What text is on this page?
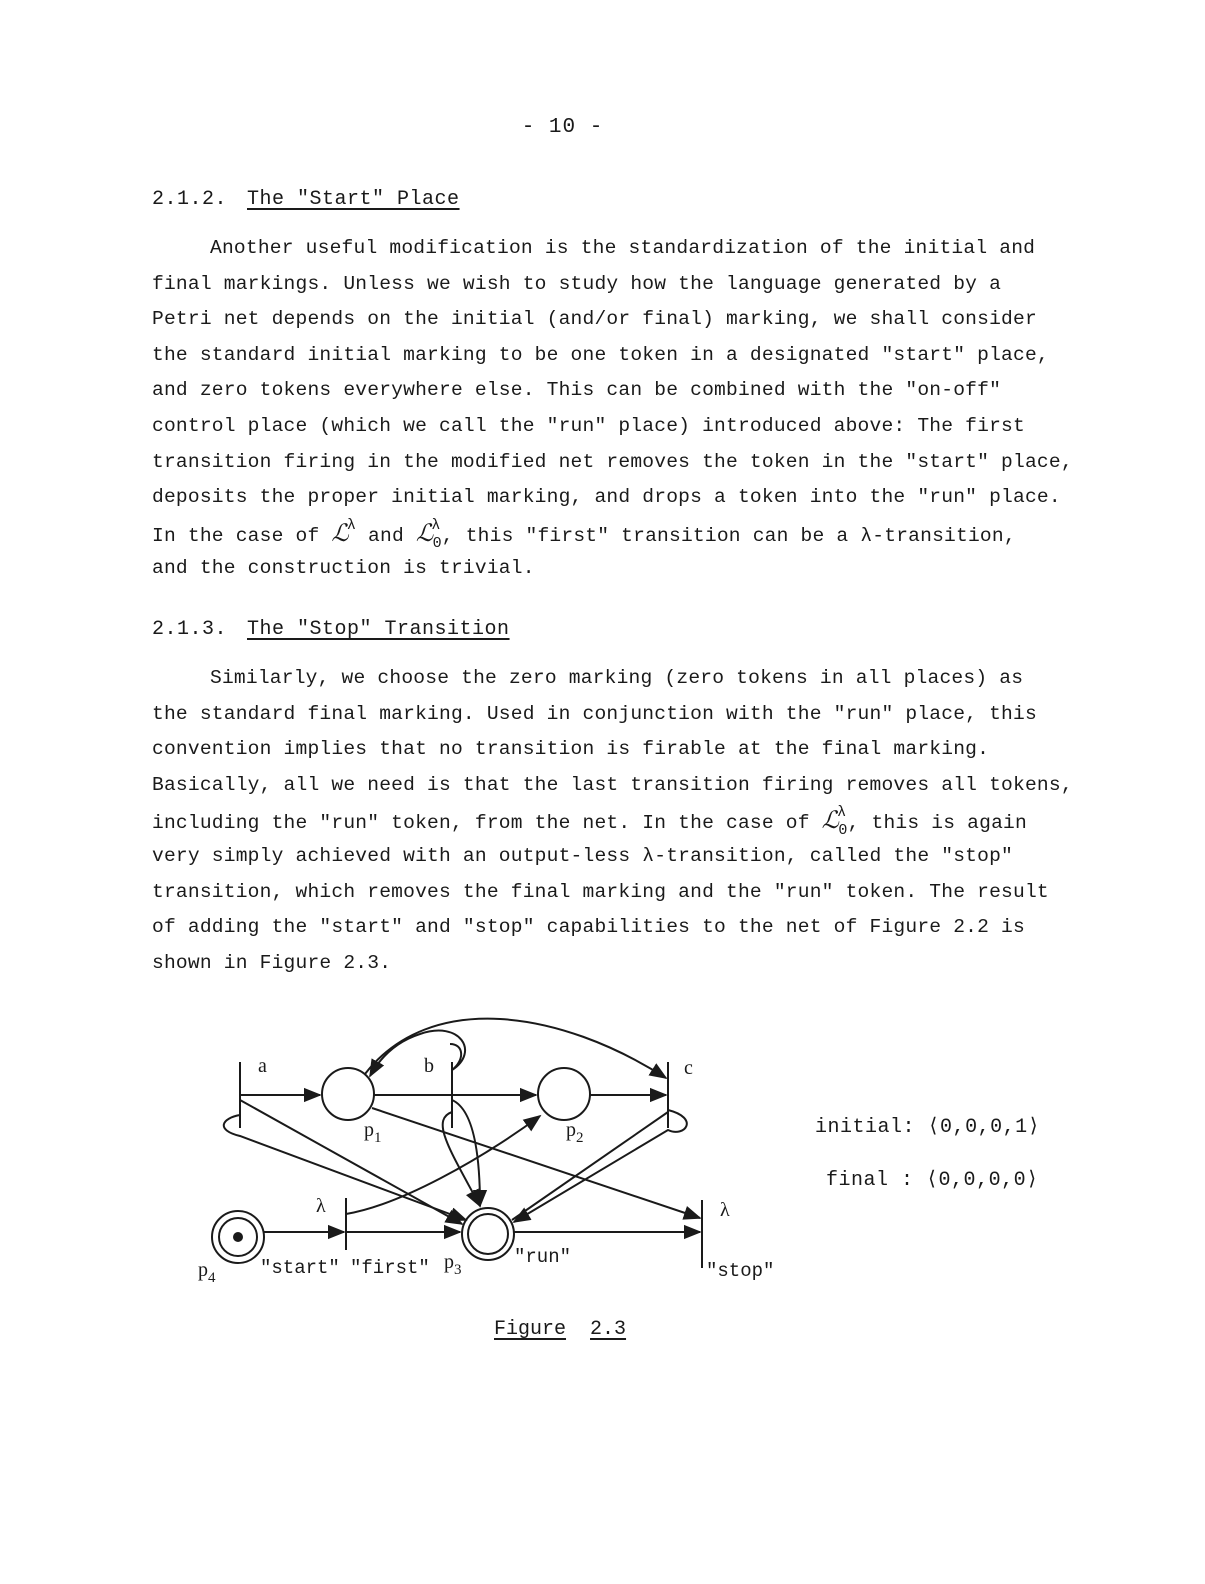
- 10 -
2.1.2. The "Start" Place
Another useful modification is the standardization of the initial and
final markings. Unless we wish to study how the language generated by a
Petri net depends on the initial (and/or final) marking, we shall consider
the standard initial marking to be one token in a designated "start" place,
and zero tokens everywhere else. This can be combined with the "on-off"
control place (which we call the "run" place) introduced above: The first
transition firing in the modified net removes the token in the "start" place,
deposits the proper initial marking, and drops a token into the "run" place.
In the case of ℒ$^\lambda$ and ℒ$^\lambda_0$, this "first" transition can be a λ-transition,
and the construction is trivial.
2.1.3. The "Stop" Transition
Similarly, we choose the zero marking (zero tokens in all places) as
the standard final marking. Used in conjunction with the "run" place, this
convention implies that no transition is firable at the final marking.
Basically, all we need is that the last transition firing removes all tokens,
including the "run" token, from the net. In the case of ℒ$^\lambda_0$, this is again
very simply achieved with an output-less λ-transition, called the "stop"
transition, which removes the final marking and the "run" token. The result
of adding the "start" and "stop" capabilities to the net of Figure 2.2 is
shown in Figure 2.3.
a	b	c
λ	λ
$p_1$	$p_2$
$p_3$
$p_4$ "start" "first"	"run"
"stop"
initial: ⟨0,0,0,1⟩
final : ⟨0,0,0,0⟩
Figure 2.3
